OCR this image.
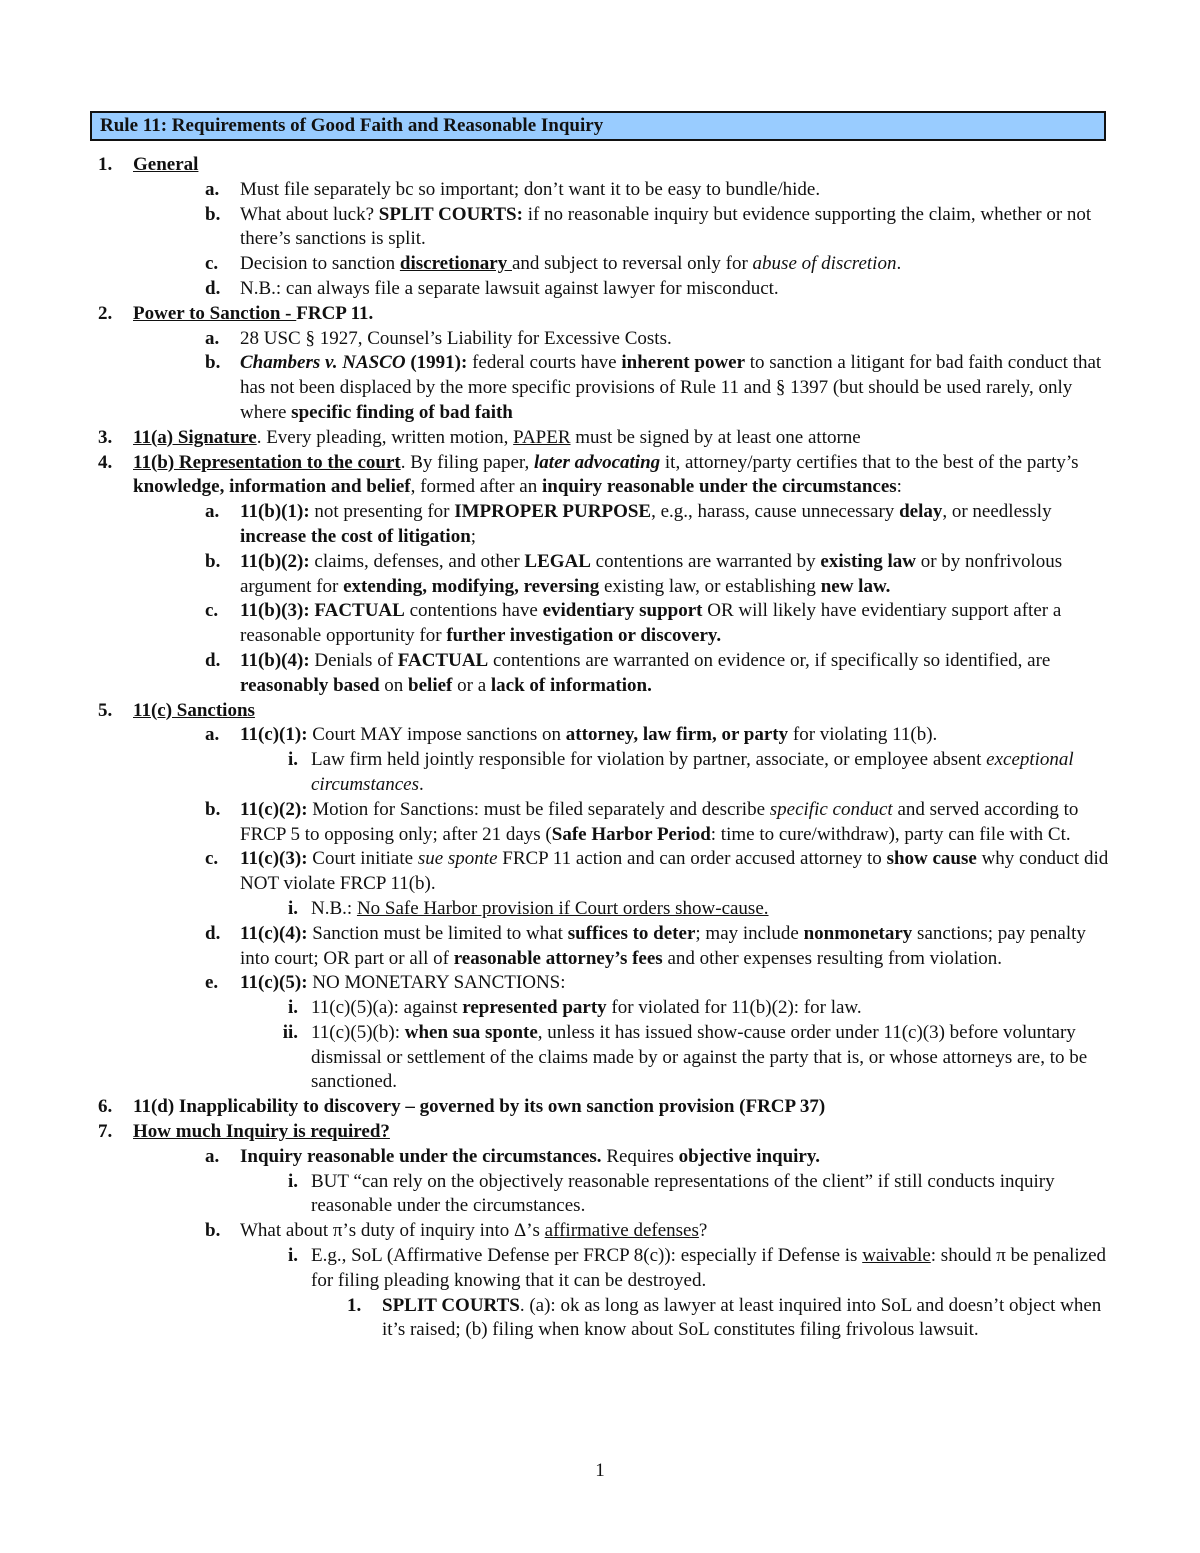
Rule 11: Requirements of Good Faith and Reasonable Inquiry
1. General
a. Must file separately bc so important; don’t want it to be easy to bundle/hide.
b. What about luck? SPLIT COURTS: if no reasonable inquiry but evidence supporting the claim, whether or not there’s sanctions is split.
c. Decision to sanction discretionary and subject to reversal only for abuse of discretion.
d. N.B.: can always file a separate lawsuit against lawyer for misconduct.
2. Power to Sanction - FRCP 11.
a. 28 USC § 1927, Counsel’s Liability for Excessive Costs.
b. Chambers v. NASCO (1991): federal courts have inherent power to sanction a litigant for bad faith conduct that has not been displaced by the more specific provisions of Rule 11 and § 1397 (but should be used rarely, only where specific finding of bad faith
3. 11(a) Signature. Every pleading, written motion, PAPER must be signed by at least one attorne
4. 11(b) Representation to the court. By filing paper, later advocating it, attorney/party certifies that to the best of the party’s knowledge, information and belief, formed after an inquiry reasonable under the circumstances:
a. 11(b)(1): not presenting for IMPROPER PURPOSE, e.g., harass, cause unnecessary delay, or needlessly increase the cost of litigation;
b. 11(b)(2): claims, defenses, and other LEGAL contentions are warranted by existing law or by nonfrivolous argument for extending, modifying, reversing existing law, or establishing new law.
c. 11(b)(3): FACTUAL contentions have evidentiary support OR will likely have evidentiary support after a reasonable opportunity for further investigation or discovery.
d. 11(b)(4): Denials of FACTUAL contentions are warranted on evidence or, if specifically so identified, are reasonably based on belief or a lack of information.
5. 11(c) Sanctions
a. 11(c)(1): Court MAY impose sanctions on attorney, law firm, or party for violating 11(b).
i. Law firm held jointly responsible for violation by partner, associate, or employee absent exceptional circumstances.
b. 11(c)(2): Motion for Sanctions: must be filed separately and describe specific conduct and served according to FRCP 5 to opposing only; after 21 days (Safe Harbor Period: time to cure/withdraw), party can file with Ct.
c. 11(c)(3): Court initiate sue sponte FRCP 11 action and can order accused attorney to show cause why conduct did NOT violate FRCP 11(b).
i. N.B.: No Safe Harbor provision if Court orders show-cause.
d. 11(c)(4): Sanction must be limited to what suffices to deter; may include nonmonetary sanctions; pay penalty into court; OR part or all of reasonable attorney’s fees and other expenses resulting from violation.
e. 11(c)(5): NO MONETARY SANCTIONS:
i. 11(c)(5)(a): against represented party for violated for 11(b)(2): for law.
ii. 11(c)(5)(b): when sua sponte, unless it has issued show-cause order under 11(c)(3) before voluntary dismissal or settlement of the claims made by or against the party that is, or whose attorneys are, to be sanctioned.
6. 11(d) Inapplicability to discovery – governed by its own sanction provision (FRCP 37)
7. How much Inquiry is required?
a. Inquiry reasonable under the circumstances. Requires objective inquiry.
i. BUT “can rely on the objectively reasonable representations of the client” if still conducts inquiry reasonable under the circumstances.
b. What about π’s duty of inquiry into Δ’s affirmative defenses?
i. E.g., SoL (Affirmative Defense per FRCP 8(c)): especially if Defense is waivable: should π be penalized for filing pleading knowing that it can be destroyed.
1. SPLIT COURTS. (a): ok as long as lawyer at least inquired into SoL and doesn’t object when it’s raised; (b) filing when know about SoL constitutes filing frivolous lawsuit.
1
